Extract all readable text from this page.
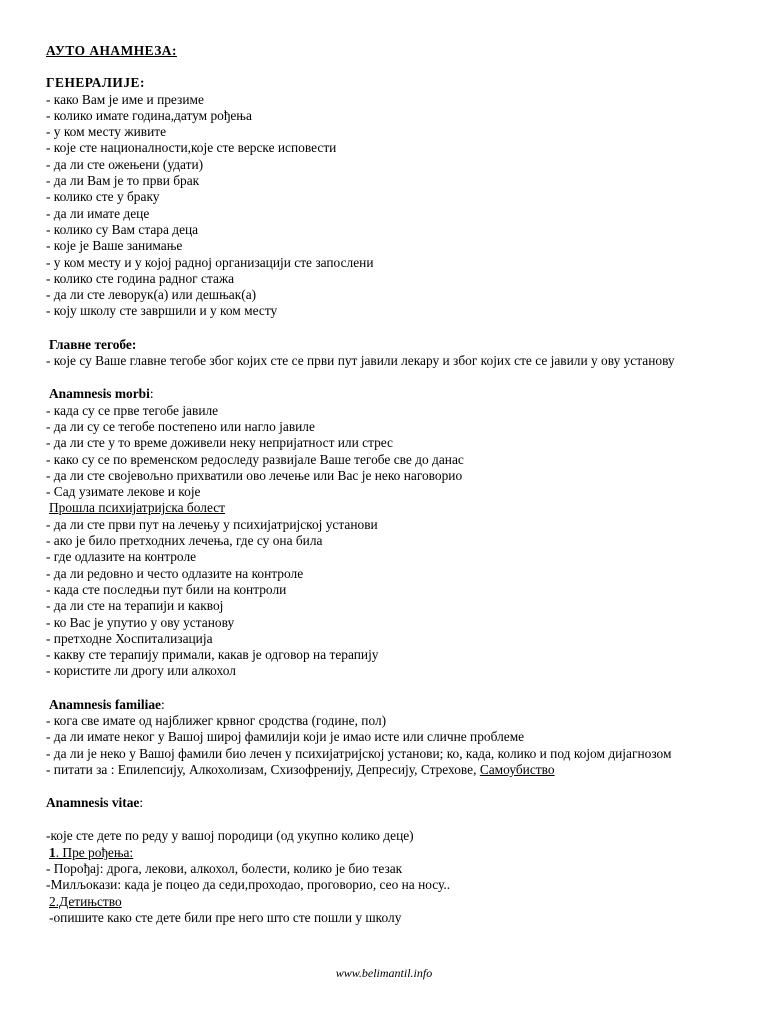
АУТО АНАМНЕЗА:
ГЕНЕРАЛИЈЕ:
- како Вам је име и презиме
- колико имате година,датум рођења
- у ком месту живите
- које сте националности,које сте верске исповести
- да ли сте ожењени (удати)
- да ли Вам је то први брак
- колико сте у браку
- да ли имате деце
- колико су Вам стара деца
- које је Ваше занимање
- у ком месту и у којој радној организацији сте запослени
- колико сте година радног стажа
- да ли сте леворук(а) или дешњак(а)
- коју школу сте завршили и у ком месту
Главне тегобе:
- које су Ваше главне тегобе због којих сте се први пут јавили лекару и због којих сте се јавили у ову установу
Anamnesis morbi:
- када су се прве тегобе јавиле
- да ли су се тегобе постепено или нагло јавиле
- да ли сте у то време доживели неку непријатност или стрес
- како су се по временском редоследу развијале Ваше тегобе све до данас
- да ли сте својевољно прихватили ово лечење или Вас је неко наговорио
- Сад узимате лекове и које
Прошла психијатријска болест
- да ли сте први пут на лечењу у психијатријској установи
- ако је било претходних лечења, где су она била
- где одлазите на контроле
- да ли редовно и често одлазите на контроле
- када сте последњи пут били на контроли
- да ли сте на терапији и каквој
- ко Вас је упутио у ову установу
- претходне Хоспитализација
- какву сте терапију примали, какав је одговор на терапију
- користите ли дрогу или алкохол
Anamnesis familiae:
- кога све имате од најближег крвног сродства (године, пол)
- да ли имате неког у Вашој широј фамилији који је имао исте или сличне проблеме
- да ли је неко у Вашој фамили био лечен у психијатријској установи; ко, када, колико и под којом дијагнозом
- питати за : Епилепсију, Алкохолизам, Схизофренију, Депресију, Стрехове, Самоубиство
Anamnesis vitae:
-које сте дете по реду у вашој породици (од укупно колико деце)
1. Пре рођења:
- Порођај: дрога, лекови, алкохол, болести, колико је био тезак
-Милљокази: када је поцео да седи,проходао, проговорио, сео на носу..
2.Детињство
-опишите како сте дете били пре него што сте пошли у школу
www.belimantil.info
